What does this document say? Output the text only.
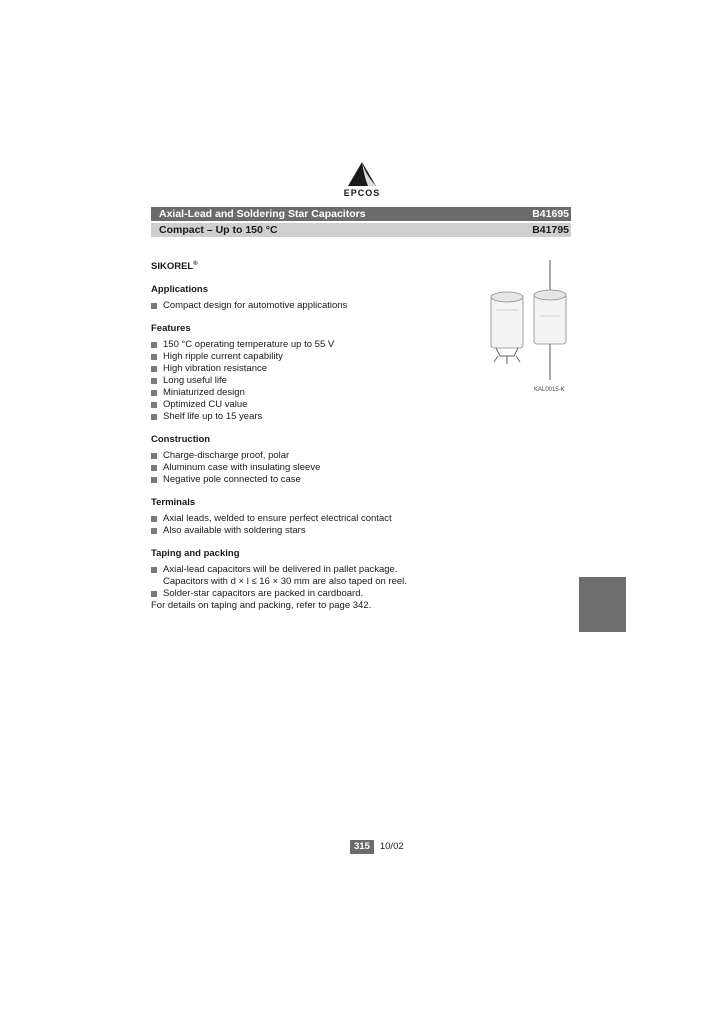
EPCOS
Axial-Lead and Soldering Star Capacitors	B41695
Compact – Up to 150 °C	B41795
SIKOREL®
Applications
Compact design for automotive applications
Features
150 °C operating temperature up to 55 V
High ripple current capability
High vibration resistance
Long useful life
Miniaturized design
Optimized CU value
Shelf life up to 15 years
Construction
Charge-discharge proof, polar
Aluminum case with insulating sleeve
Negative pole connected to case
Terminals
Axial leads, welded to ensure perfect electrical contact
Also available with soldering stars
Taping and packing
Axial-lead capacitors will be delivered in pallet package.
Capacitors with d × l ≤ 16 × 30 mm are also taped on reel.
Solder-star capacitors are packed in cardboard.

For details on taping and packing, refer to page 342.

KAL0015-K
315 10/02
